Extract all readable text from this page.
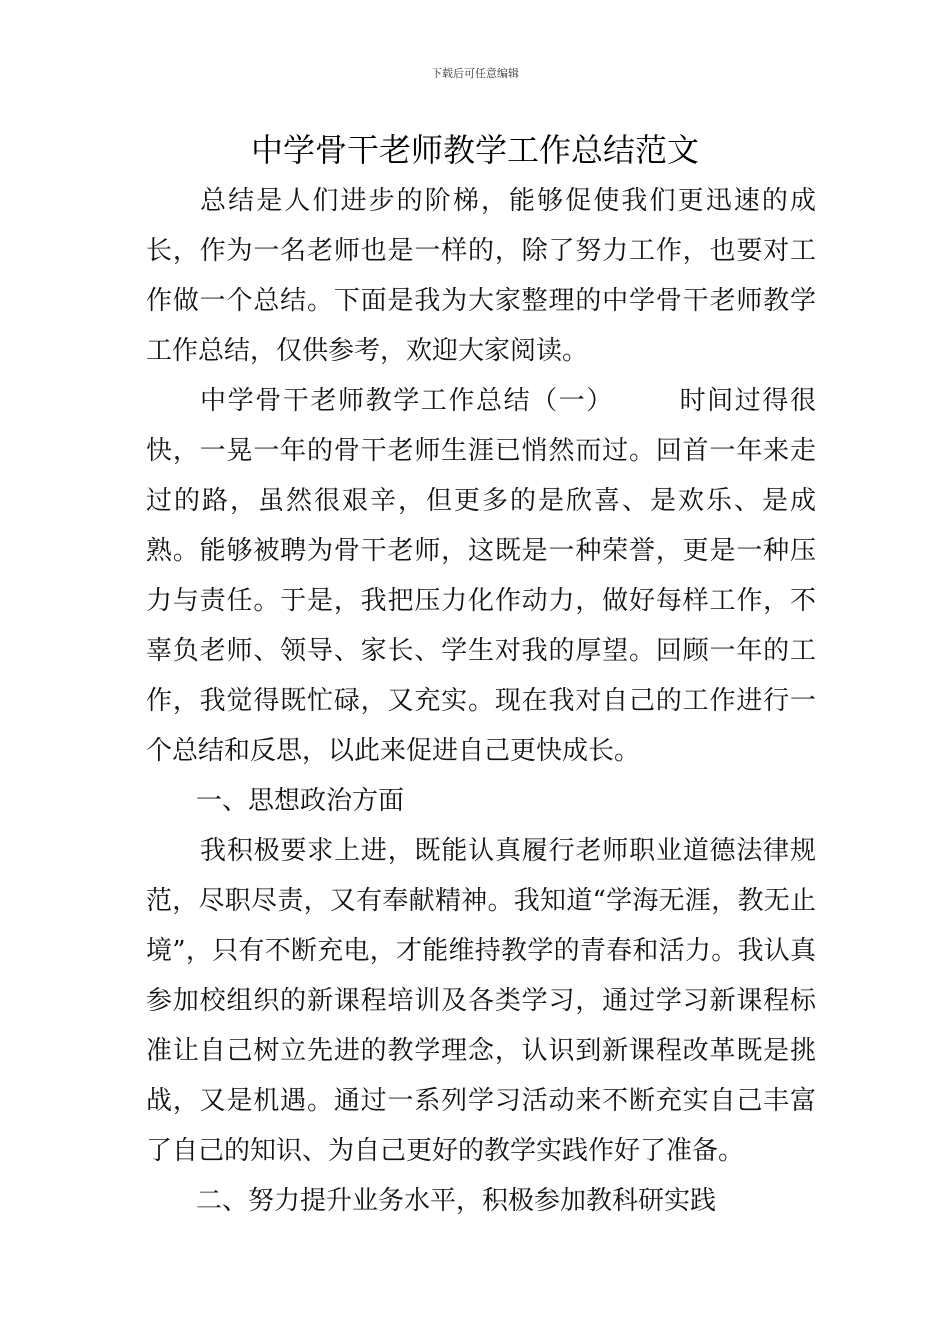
下载后可任意编辑
中学骨干老师教学工作总结范文

总结是人们进步的阶梯，能够促使我们更迅速的成长，作为一名老师也是一样的，除了努力工作，也要对工作做一个总结。下面是我为大家整理的中学骨干老师教学工作总结，仅供参考，欢迎大家阅读。

中学骨干老师教学工作总结（一） 时间过得很快，一晃一年的骨干老师生涯已悄然而过。回首一年来走过的路，虽然很艰辛，但更多的是欣喜、是欢乐、是成熟。能够被聘为骨干老师，这既是一种荣誉，更是一种压力与责任。于是，我把压力化作动力，做好每样工作，不辜负老师、领导、家长、学生对我的厚望。回顾一年的工作，我觉得既忙碌，又充实。现在我对自己的工作进行一个总结和反思，以此来促进自己更快成长。

一、思想政治方面

我积极要求上进，既能认真履行老师职业道德法律规范，尽职尽责，又有奉献精神。我知道“学海无涯，教无止境”，只有不断充电，才能维持教学的青春和活力。我认真参加校组织的新课程培训及各类学习，通过学习新课程标准让自己树立先进的教学理念，认识到新课程改革既是挑战，又是机遇。通过一系列学习活动来不断充实自己丰富了自己的知识、为自己更好的教学实践作好了准备。

二、努力提升业务水平，积极参加教科研实践
